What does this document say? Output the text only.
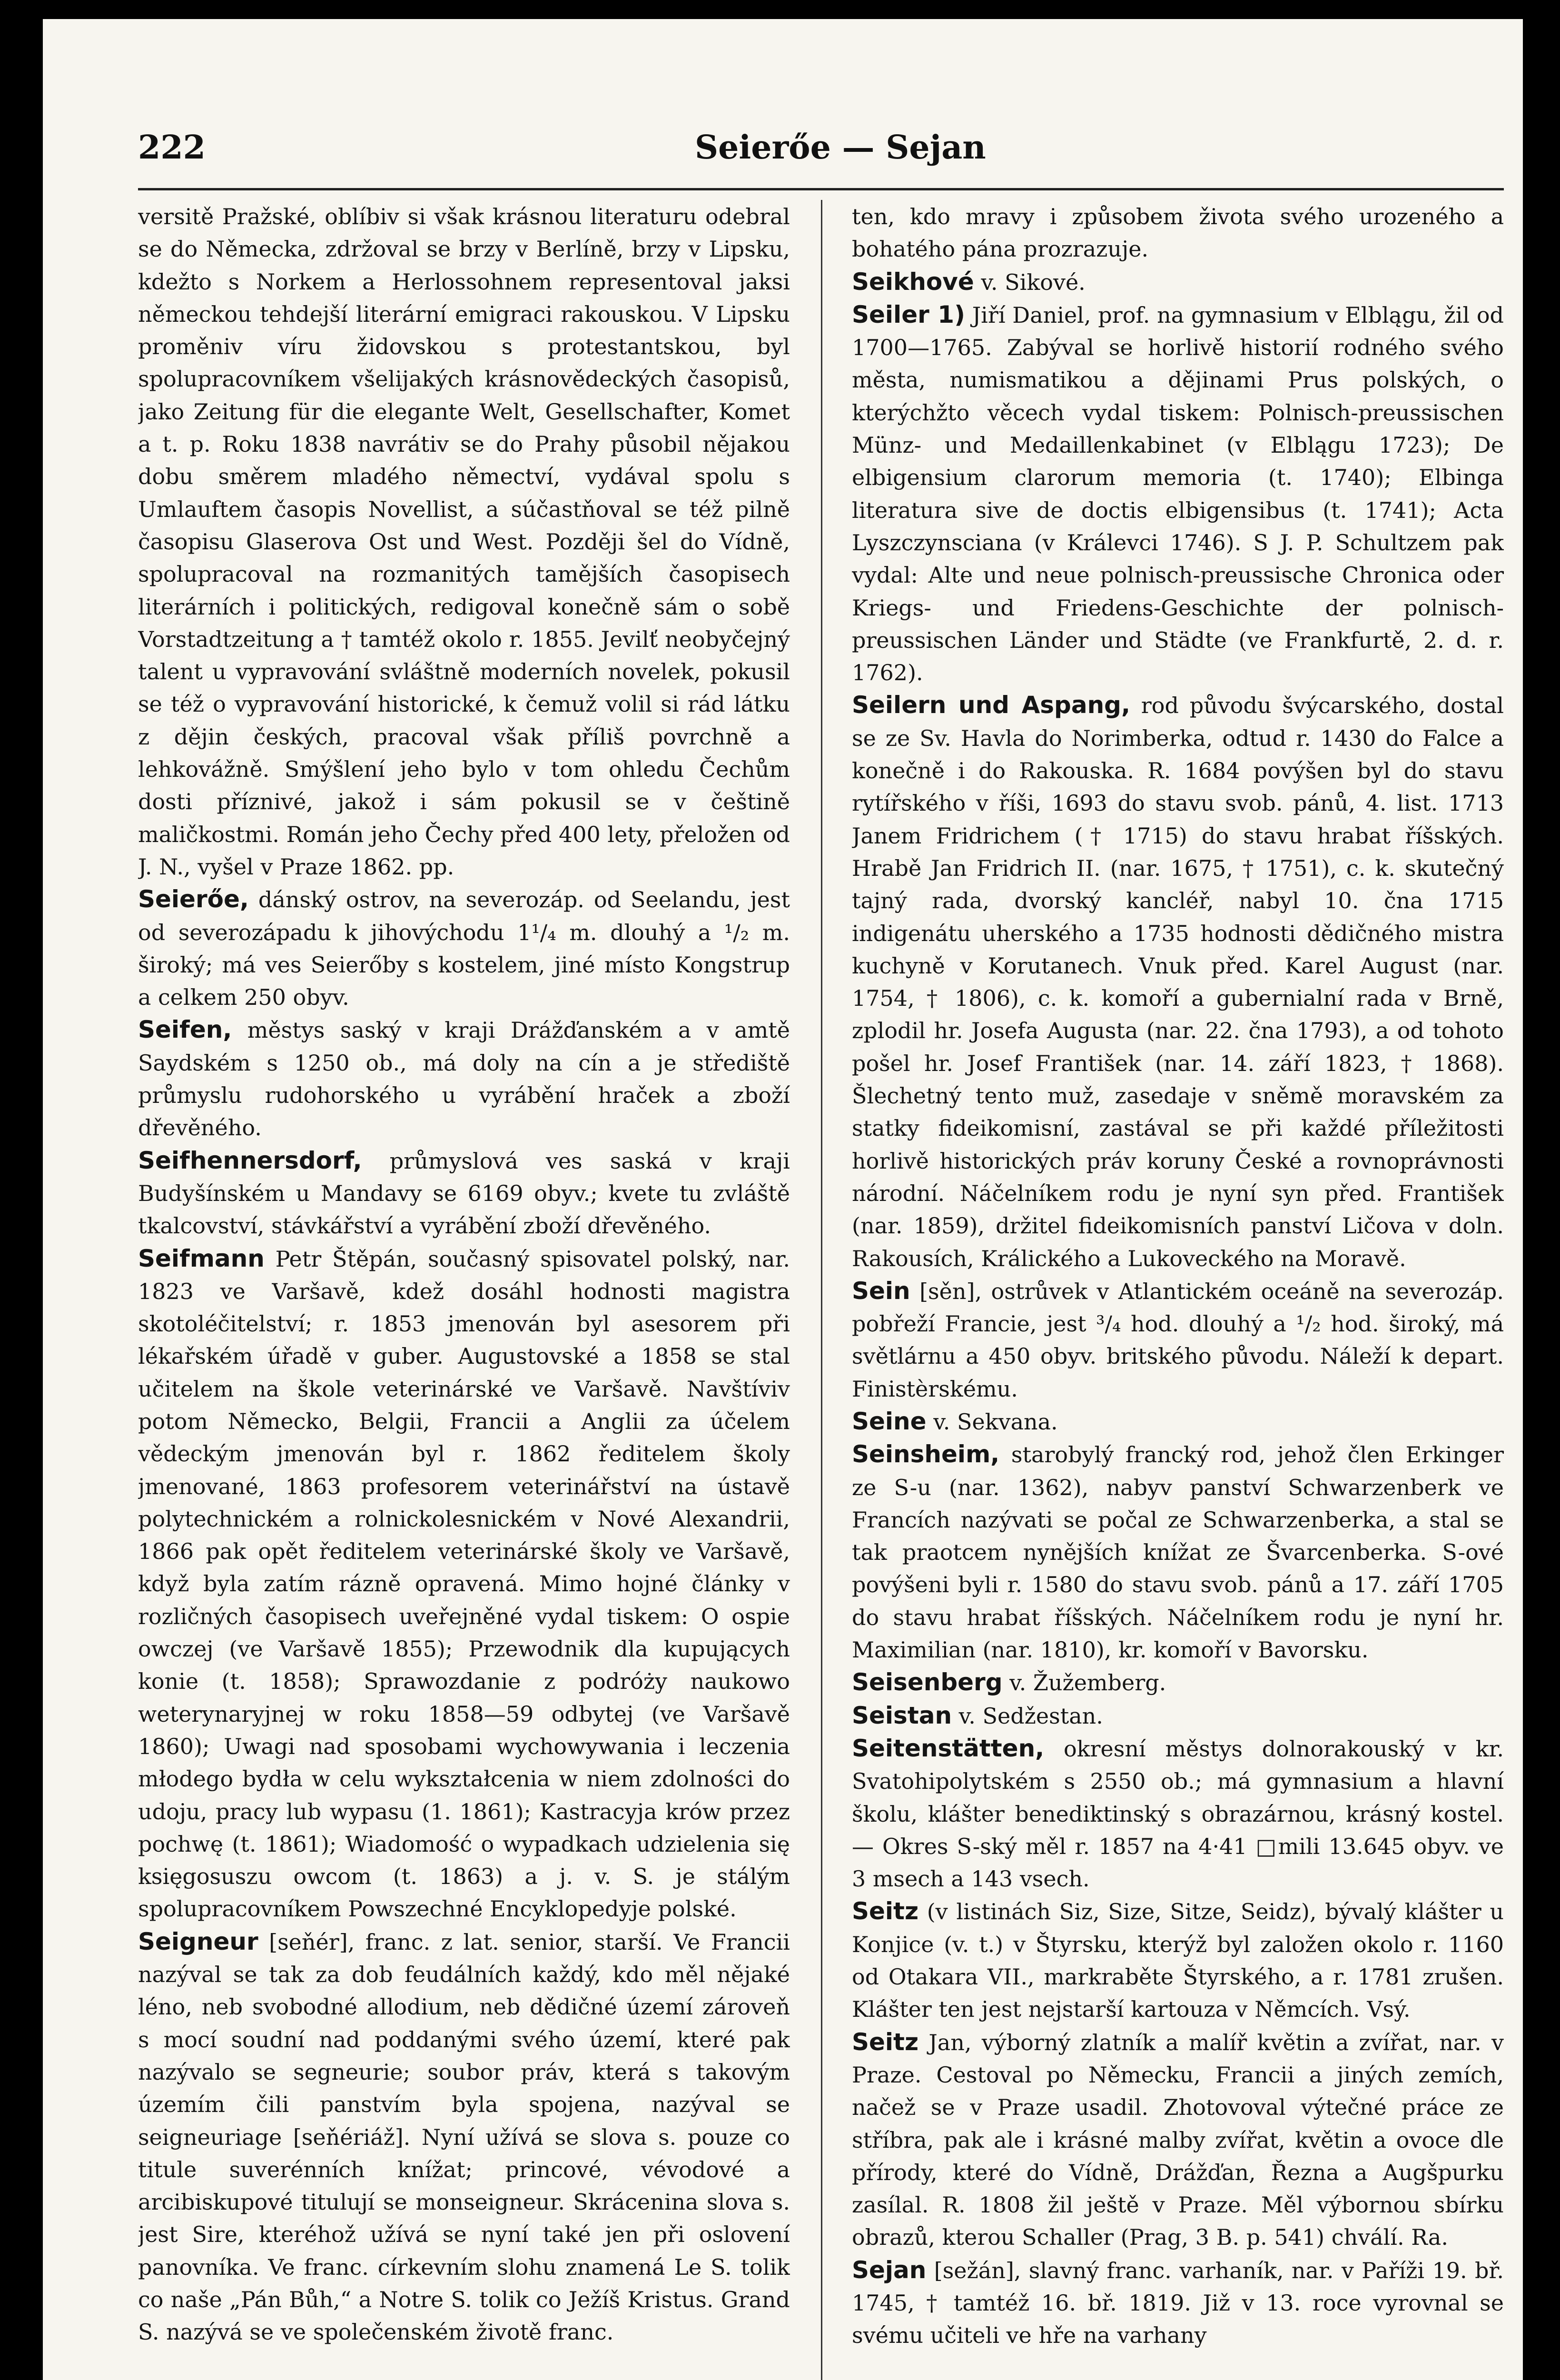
222	Seierőe — Sejan

versitě Pražské, oblíbiv si však krásnou literaturu odebral se do Německa, zdržoval se brzy v Berlíně, brzy v Lipsku, kdežto s Norkem a Herlossohnem representoval jaksi německou tehdejší literární emigraci rakouskou. V Lipsku proměniv víru židovskou s protestantskou, byl spolupracovníkem všelijakých krásnovědeckých časopisů, jako Zeitung für die elegante Welt, Gesellschafter, Komet a t. p. Roku 1838 navrátiv se do Prahy působil nějakou dobu směrem mladého němectví, vydával spolu s Umlauftem časopis Novellist, a súčastňoval se též pilně časopisu Glaserova Ost und West. Později šel do Vídně, spolupracoval na rozmanitých tamějších časopisech literárních i politických, redigoval konečně sám o sobě Vorstadtzeitung a † tamtéž okolo r. 1855. Jevilť neobyčejný talent u vypravování svláštně moderních novelek, pokusil se též o vypravování historické, k čemuž volil si rád látku z dějin českých, pracoval však příliš povrchně a lehkovážně. Smýšlení jeho bylo v tom ohledu Čechům dosti příznivé, jakož i sám pokusil se v češtině maličkostmi. Román jeho Čechy před 400 lety, přeložen od J. N., vyšel v Praze 1862. pp.

Seierőe, dánský ostrov, na severozáp. od Seelandu, jest od severozápadu k jihovýchodu 1¹/₄ m. dlouhý a ¹/₂ m. široký; má ves Seierőby s kostelem, jiné místo Kongstrup a celkem 250 obyv.

Seifen, městys saský v kraji Drážďanském a v amtě Saydském s 1250 ob., má doly na cín a je střediště průmyslu rudohorského u vyrábění hraček a zboží dřevěného.

Seifhennersdorf, průmyslová ves saská v kraji Budyšínském u Mandavy se 6169 obyv.; kvete tu zvláště tkalcovství, stávkářství a vyrábění zboží dřevěného.

Seifmann Petr Štěpán, současný spisovatel polský, nar. 1823 ve Varšavě, kdež dosáhl hodnosti magistra skotoléčitelství; r. 1853 jmenován byl asesorem při lékařském úřadě v guber. Augustovské a 1858 se stal učitelem na škole veterinárské ve Varšavě. Navštíviv potom Německo, Belgii, Francii a Anglii za účelem vědeckým jmenován byl r. 1862 ředitelem školy jmenované, 1863 profesorem veterinářství na ústavě polytechnickém a rolnickolesnickém v Nové Alexandrii, 1866 pak opět ředitelem veterinárské školy ve Varšavě, když byla zatím rázně opravená. Mimo hojné články v rozličných časopisech uveřejněné vydal tiskem: O ospie owczej (ve Varšavě 1855); Przewodnik dla kupujących konie (t. 1858); Sprawozdanie z podróży naukowo weterynaryjnej w roku 1858—59 odbytej (ve Varšavě 1860); Uwagi nad sposobami wychowywania i leczenia młodego bydła w celu wykształcenia w niem zdolności do udoju, pracy lub wypasu (1. 1861); Kastracyja krów przez pochwę (t. 1861); Wiadomość o wypadkach udzielenia się księgosuszu owcom (t. 1863) a j. v. S. je stálým spolupracovníkem Powszechné Encyklopedyje polské.

Seigneur [seňér], franc. z lat. senior, starší. Ve Francii nazýval se tak za dob feudálních každý, kdo měl nějaké léno, neb svobodné allodium, neb dědičné území zároveň s mocí soudní nad poddanými svého území, které pak nazývalo se segneurie; soubor práv, která s takovým územím čili panstvím byla spojena, nazýval se seigneuriage [seňériáž]. Nyní užívá se slova s. pouze co titule suverénních knížat; princové, vévodové a arcibiskupové titulují se monseigneur. Skrácenina slova s. jest Sire, kteréhož užívá se nyní také jen při oslovení panovníka. Ve franc. církevním slohu znamená Le S. tolik co naše „Pán Bůh,“ a Notre S. tolik co Ježíš Kristus. Grand S. nazývá se ve společenském životě franc.

ten, kdo mravy i způsobem života svého urozeného a bohatého pána prozrazuje.

Seikhové v. Sikové.

Seiler 1) Jiří Daniel, prof. na gymnasium v Elblągu, žil od 1700—1765. Zabýval se horlivě historií rodného svého města, numismatikou a dějinami Prus polských, o kterýchžto věcech vydal tiskem: Polnisch-preussischen Münz- und Medaillenkabinet (v Elblągu 1723); De elbigensium clarorum memoria (t. 1740); Elbinga literatura sive de doctis elbigensibus (t. 1741); Acta Lyszczynsciana (v Králevci 1746). S J. P. Schultzem pak vydal: Alte und neue polnisch-preussische Chronica oder Kriegs- und Friedens-Geschichte der polnisch-preussischen Länder und Städte (ve Frankfurtě, 2. d. r. 1762).

Seilern und Aspang, rod původu švýcarského, dostal se ze Sv. Havla do Norimberka, odtud r. 1430 do Falce a konečně i do Rakouska. R. 1684 povýšen byl do stavu rytířského v říši, 1693 do stavu svob. pánů, 4. list. 1713 Janem Fridrichem († 1715) do stavu hrabat říšských. Hrabě Jan Fridrich II. (nar. 1675, † 1751), c. k. skutečný tajný rada, dvorský kancléř, nabyl 10. čna 1715 indigenátu uherského a 1735 hodnosti dědičného mistra kuchyně v Korutanech. Vnuk před. Karel August (nar. 1754, † 1806), c. k. komoří a gubernialní rada v Brně, zplodil hr. Josefa Augusta (nar. 22. čna 1793), a od tohoto pošel hr. Josef František (nar. 14. září 1823, † 1868). Šlechetný tento muž, zasedaje v sněmě moravském za statky fideikomisní, zastával se při každé příležitosti horlivě historických práv koruny České a rovnoprávnosti národní. Náčelníkem rodu je nyní syn před. František (nar. 1859), držitel fideikomisních panství Ličova v doln. Rakousích, Králického a Lukoveckého na Moravě.

Sein [sěn], ostrůvek v Atlantickém oceáně na severozáp. pobřeží Francie, jest ³/₄ hod. dlouhý a ¹/₂ hod. široký, má světlárnu a 450 obyv. britského původu. Náleží k depart. Finistèrskému.

Seine v. Sekvana.

Seinsheim, starobylý francký rod, jehož člen Erkinger ze S-u (nar. 1362), nabyv panství Schwarzenberk ve Francích nazývati se počal ze Schwarzenberka, a stal se tak praotcem nynějších knížat ze Švarcenberka. S-ové povýšeni byli r. 1580 do stavu svob. pánů a 17. září 1705 do stavu hrabat říšských. Náčelníkem rodu je nyní hr. Maximilian (nar. 1810), kr. komoří v Bavorsku.

Seisenberg v. Žužemberg.

Seistan v. Sedžestan.

Seitenstätten, okresní městys dolnorakouský v kr. Svatohipolytském s 2550 ob.; má gymnasium a hlavní školu, klášter benediktinský s obrazárnou, krásný kostel. — Okres S-ský měl r. 1857 na 4·41 □mili 13.645 obyv. ve 3 msech a 143 vsech.

Seitz (v listinách Siz, Size, Sitze, Seidz), bývalý klášter u Konjice (v. t.) v Štyrsku, kterýž byl založen okolo r. 1160 od Otakara VII., markraběte Štyrského, a r. 1781 zrušen. Klášter ten jest nejstarší kartouza v Němcích. Vsý.

Seitz Jan, výborný zlatník a malíř květin a zvířat, nar. v Praze. Cestoval po Německu, Francii a jiných zemích, načež se v Praze usadil. Zhotovoval výtečné práce ze stříbra, pak ale i krásné malby zvířat, květin a ovoce dle přírody, které do Vídně, Drážďan, Řezna a Augšpurku zasílal. R. 1808 žil ještě v Praze. Měl výbornou sbírku obrazů, kterou Schaller (Prag, 3 B. p. 541) chválí. Ra.

Sejan [sežán], slavný franc. varhaník, nar. v Paříži 19. bř. 1745, † tamtéž 16. bř. 1819. Již v 13. roce vyrovnal se svému učiteli ve hře na varhany
